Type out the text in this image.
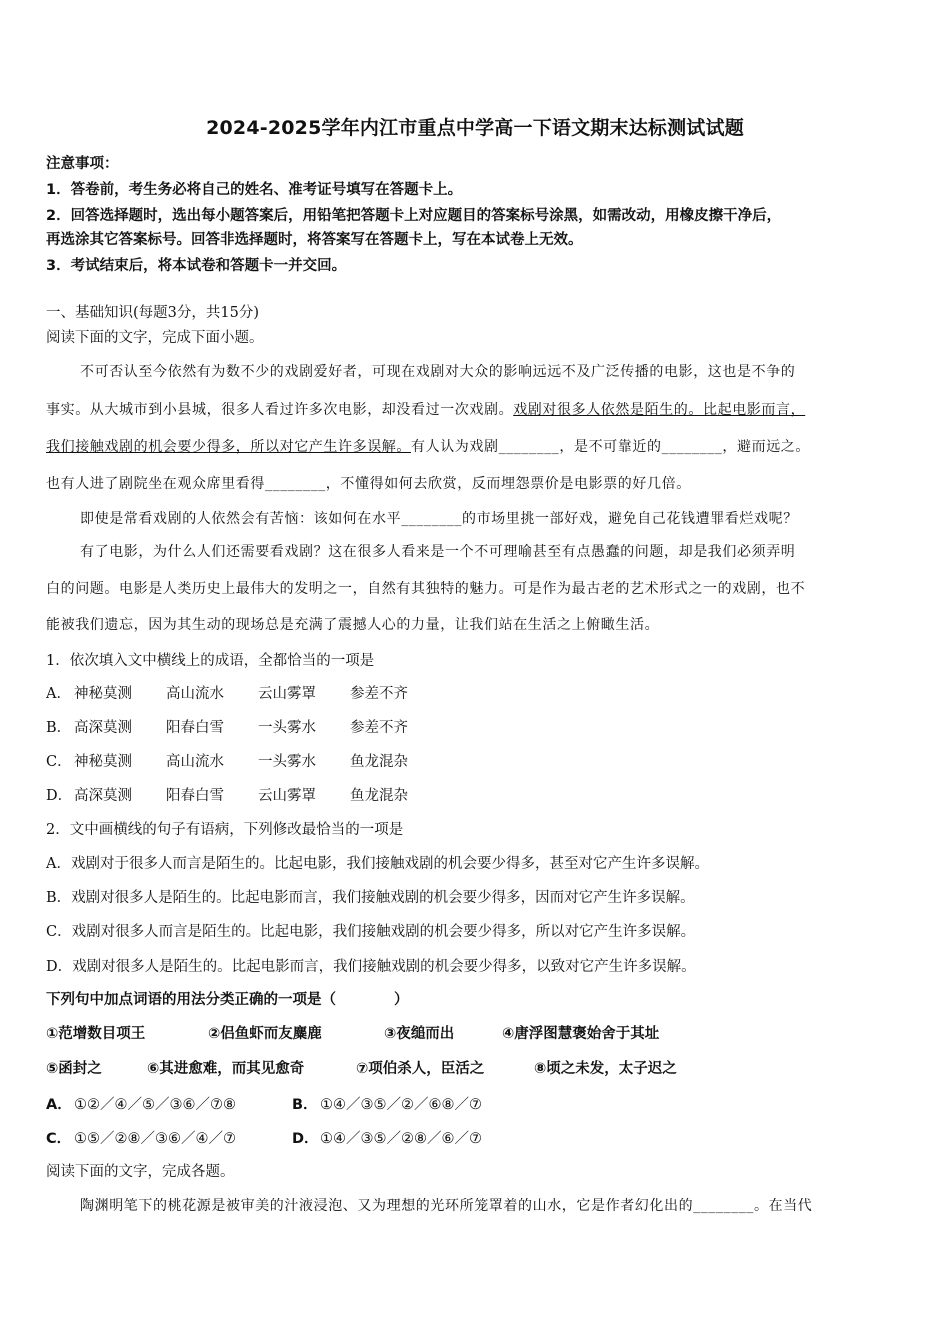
2024-2025学年内江市重点中学高一下语文期末达标测试试题
注意事项：
1．答卷前，考生务必将自己的姓名、准考证号填写在答题卡上。
2．回答选择题时，选出每小题答案后，用铅笔把答题卡上对应题目的答案标号涂黑，如需改动，用橡皮擦干净后，
再选涂其它答案标号。回答非选择题时，将答案写在答题卡上，写在本试卷上无效。
3．考试结束后，将本试卷和答题卡一并交回。
一、基础知识(每题3分，共15分)
阅读下面的文字，完成下面小题。
不可否认至今依然有为数不少的戏剧爱好者，可现在戏剧对大众的影响远远不及广泛传播的电影，这也是不争的
事实。从大城市到小县城，很多人看过许多次电影，却没看过一次戏剧。戏剧对很多人依然是陌生的。比起电影而言，
我们接触戏剧的机会要少得多，所以对它产生许多误解。有人认为戏剧________，是不可靠近的________，避而远之。
也有人进了剧院坐在观众席里看得________，不懂得如何去欣赏，反而埋怨票价是电影票的好几倍。
即使是常看戏剧的人依然会有苦恼：该如何在水平________的市场里挑一部好戏，避免自己花钱遭罪看烂戏呢？
有了电影，为什么人们还需要看戏剧？这在很多人看来是一个不可理喻甚至有点愚蠢的问题，却是我们必须弄明
白的问题。电影是人类历史上最伟大的发明之一，自然有其独特的魅力。可是作为最古老的艺术形式之一的戏剧，也不
能被我们遗忘，因为其生动的现场总是充满了震撼人心的力量，让我们站在生活之上俯瞰生活。
1．依次填入文中横线上的成语，全都恰当的一项是
A． 神秘莫测 高山流水 云山雾罩 参差不齐
B． 高深莫测 阳春白雪 一头雾水 参差不齐
C． 神秘莫测 高山流水 一头雾水 鱼龙混杂
D． 高深莫测 阳春白雪 云山雾罩 鱼龙混杂
2．文中画横线的句子有语病，下列修改最恰当的一项是
A．戏剧对于很多人而言是陌生的。比起电影，我们接触戏剧的机会要少得多，甚至对它产生许多误解。
B．戏剧对很多人是陌生的。比起电影而言，我们接触戏剧的机会要少得多，因而对它产生许多误解。
C．戏剧对很多人而言是陌生的。比起电影，我们接触戏剧的机会要少得多，所以对它产生许多误解。
D．戏剧对很多人是陌生的。比起电影而言，我们接触戏剧的机会要少得多，以致对它产生许多误解。
下列句中加点词语的用法分类正确的一项是（　　　　）
①范增数目项王	②侣鱼虾而友麋鹿	③夜缒而出	④唐浮图慧褒始舍于其址
⑤函封之	⑥其进愈难，而其见愈奇	⑦项伯杀人，臣活之	⑧顷之未发，太子迟之
A． ①②／④／⑤／③⑥／⑦⑧	B． ①④／③⑤／②／⑥⑧／⑦
C． ①⑤／②⑧／③⑥／④／⑦	D．①④／③⑤／②⑧／⑥／⑦
阅读下面的文字，完成各题。
陶渊明笔下的桃花源是被审美的汁液浸泡、又为理想的光环所笼罩着的山水，它是作者幻化出的________。在当代
